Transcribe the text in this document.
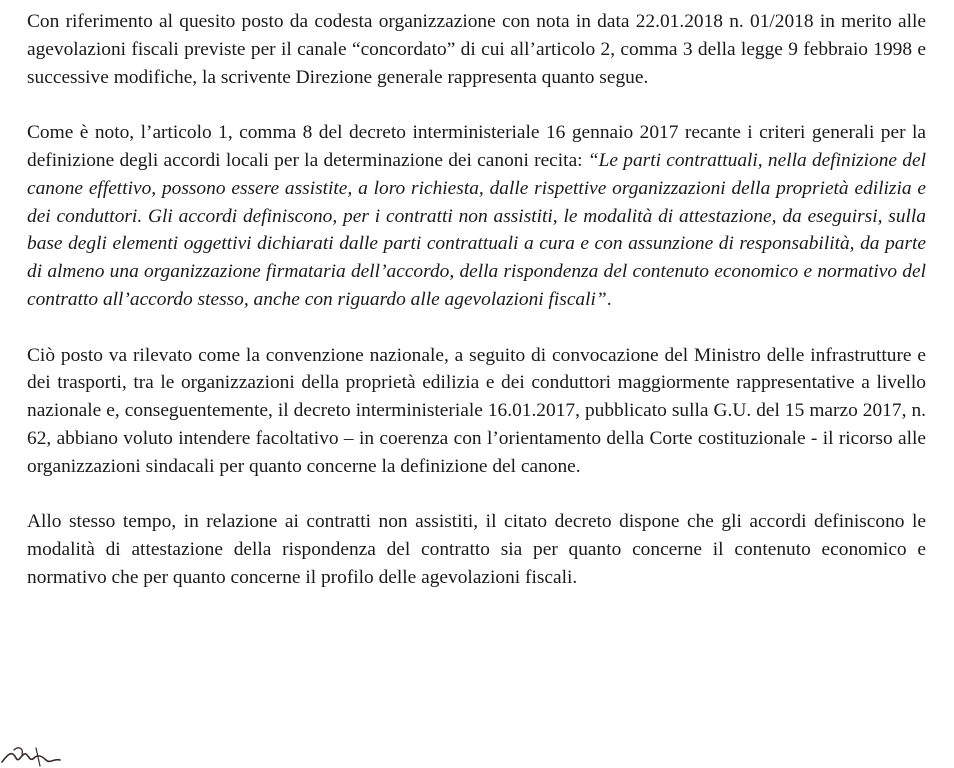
Con riferimento al quesito posto da codesta organizzazione con nota in data 22.01.2018 n. 01/2018 in merito alle agevolazioni fiscali previste per il canale “concordato” di cui all’articolo 2, comma 3 della legge 9 febbraio 1998 e successive modifiche, la scrivente Direzione generale rappresenta quanto segue.

Come è noto, l’articolo 1, comma 8 del decreto interministeriale 16 gennaio 2017 recante i criteri generali per la definizione degli accordi locali per la determinazione dei canoni recita: “Le parti contrattuali, nella definizione del canone effettivo, possono essere assistite, a loro richiesta, dalle rispettive organizzazioni della proprietà edilizia e dei conduttori. Gli accordi definiscono, per i contratti non assistiti, le modalità di attestazione, da eseguirsi, sulla base degli elementi oggettivi dichiarati dalle parti contrattuali a cura e con assunzione di responsabilità, da parte di almeno una organizzazione firmataria dell’accordo, della rispondenza del contenuto economico e normativo del contratto all’accordo stesso, anche con riguardo alle agevolazioni fiscali”.

Ciò posto va rilevato come la convenzione nazionale, a seguito di convocazione del Ministro delle infrastrutture e dei trasporti, tra le organizzazioni della proprietà edilizia e dei conduttori maggiormente rappresentative a livello nazionale e, conseguentemente, il decreto interministeriale 16.01.2017, pubblicato sulla G.U. del 15 marzo 2017, n. 62, abbiano voluto intendere facoltativo – in coerenza con l’orientamento della Corte costituzionale - il ricorso alle organizzazioni sindacali per quanto concerne la definizione del canone.

Allo stesso tempo, in relazione ai contratti non assistiti, il citato decreto dispone che gli accordi definiscono le modalità di attestazione della rispondenza del contratto sia per quanto concerne il contenuto economico e normativo che per quanto concerne il profilo delle agevolazioni fiscali.
